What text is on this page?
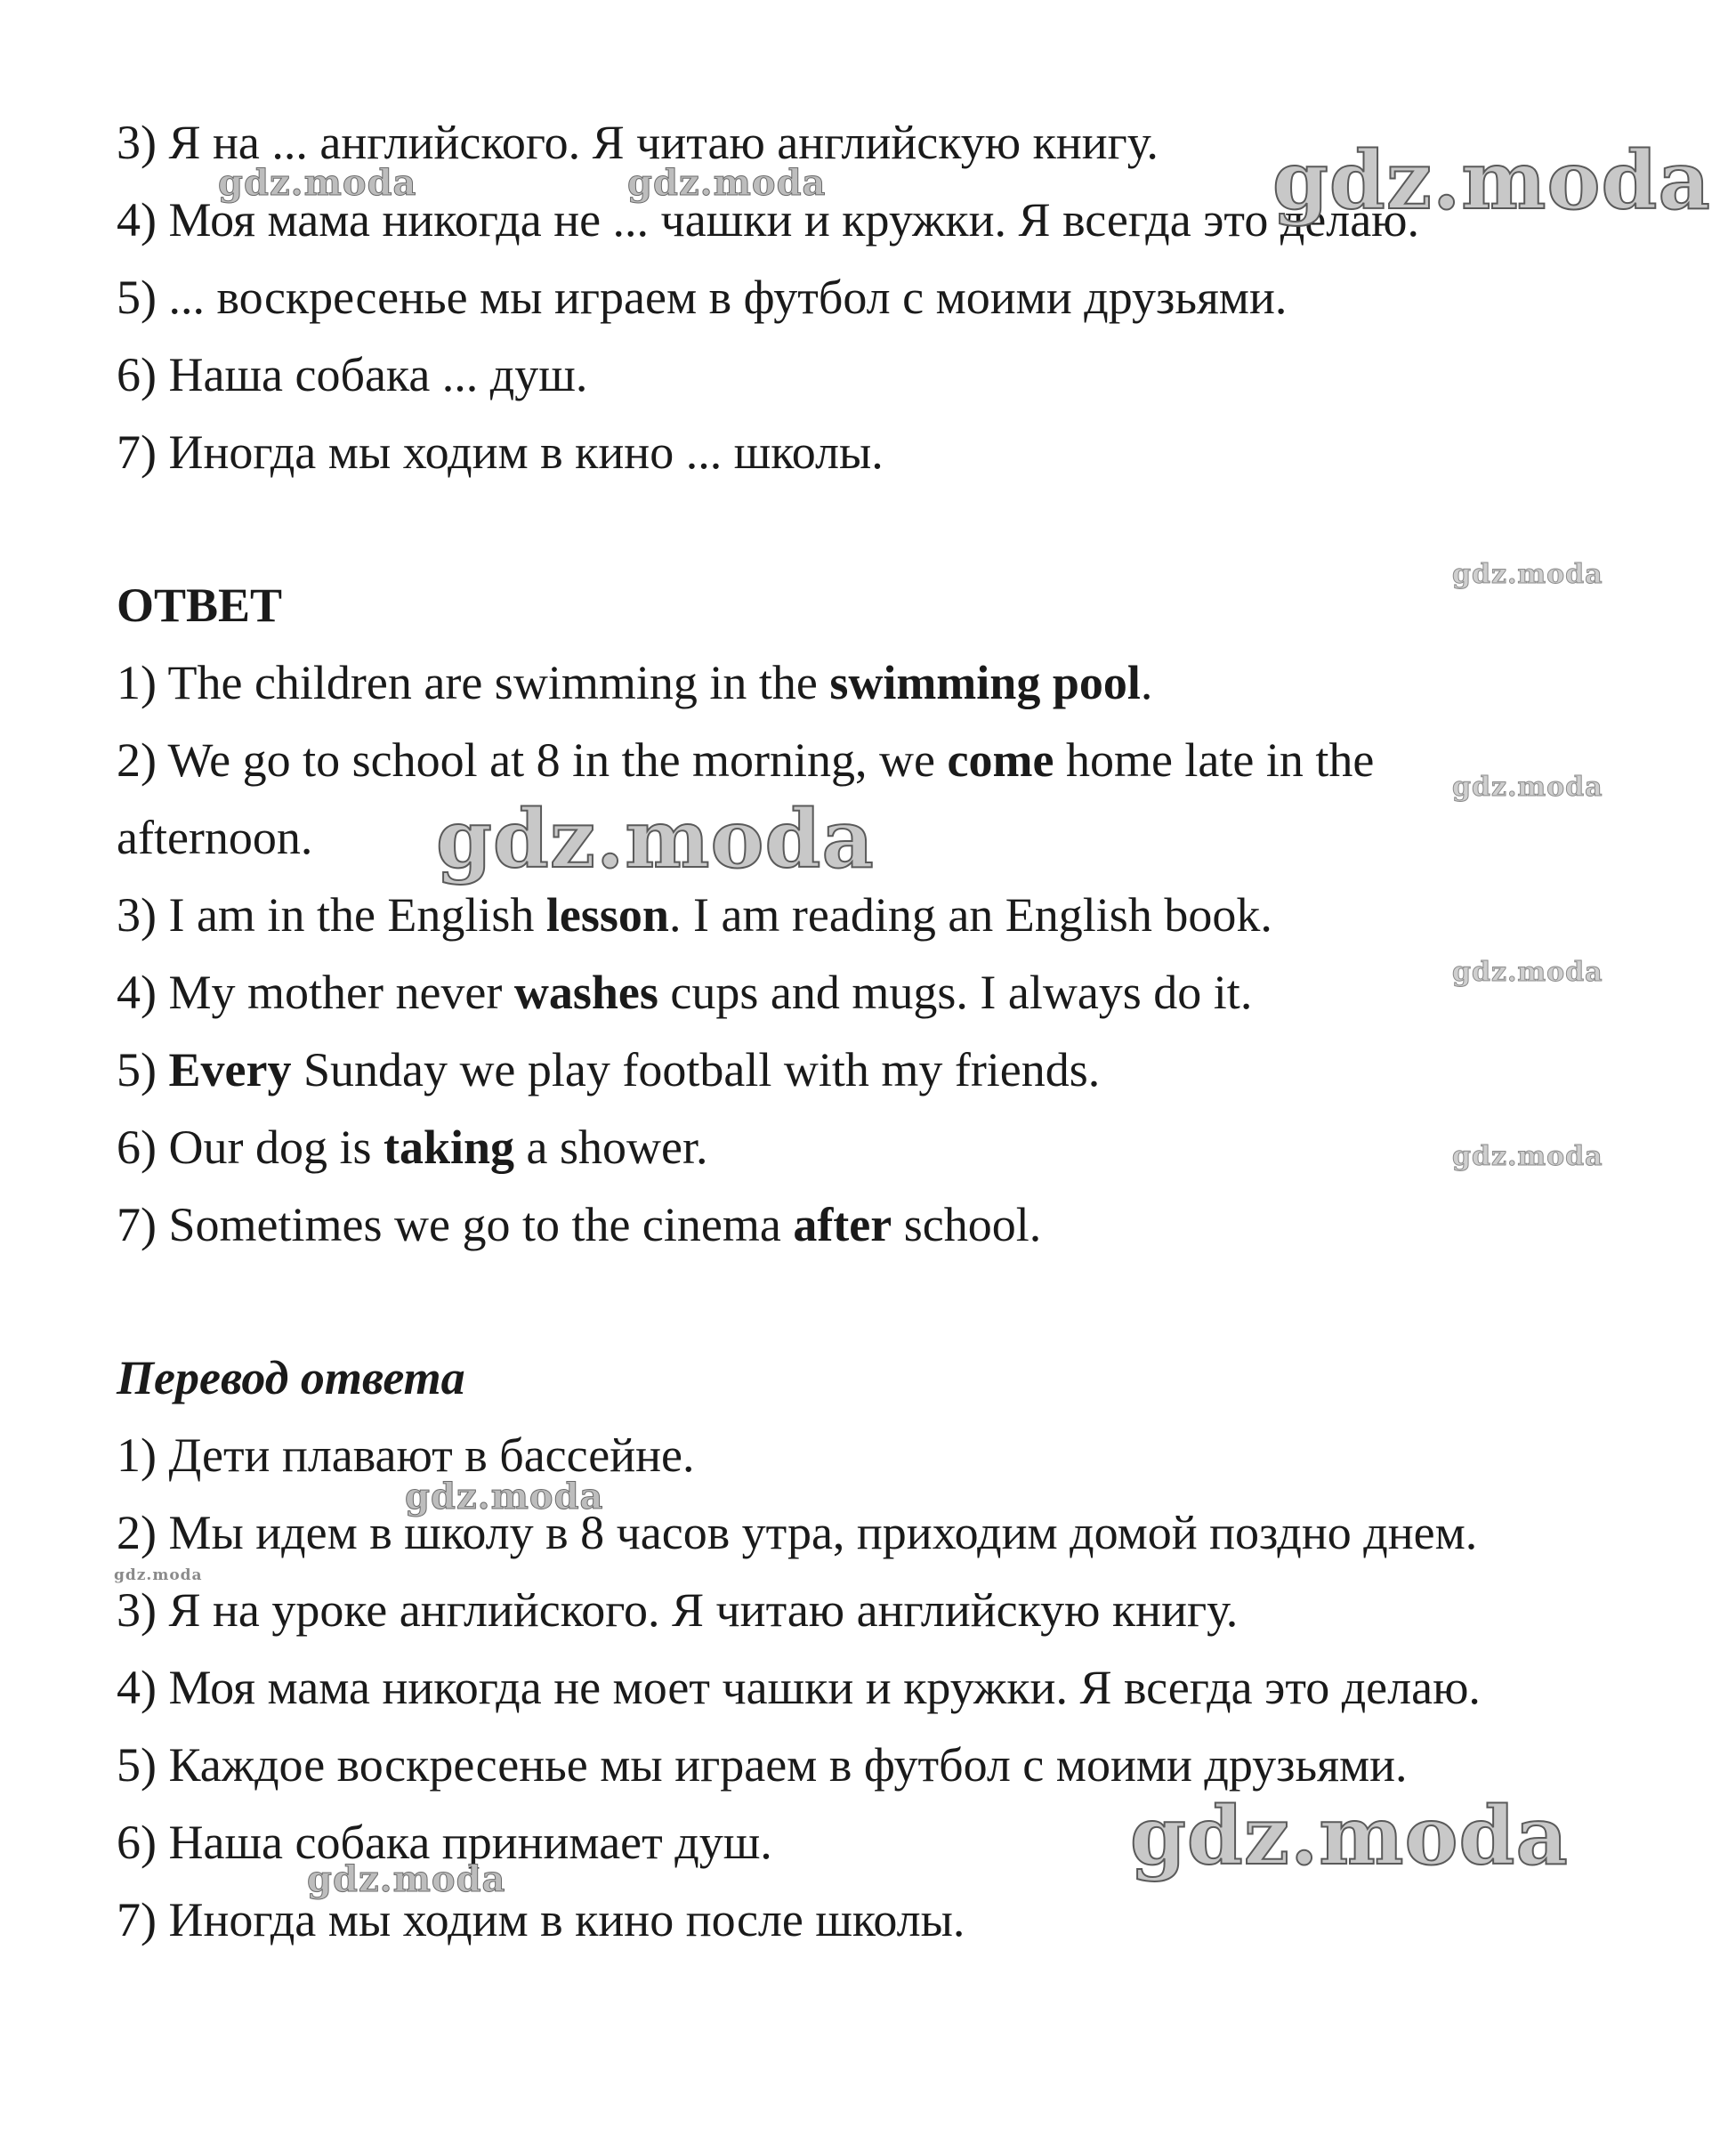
3) Я на ... английского. Я читаю английскую книгу.
4) Моя мама никогда не ... чашки и кружки. Я всегда это делаю.
5) ... воскресенье мы играем в футбол с моими друзьями.
6) Наша собака ... душ.
7) Иногда мы ходим в кино ... школы.
ОТВЕТ
1) The children are swimming in the swimming pool.
2) We go to school at 8 in the morning, we come home late in the
afternoon.
3) I am in the English lesson. I am reading an English book.
4) My mother never washes cups and mugs. I always do it.
5) Every Sunday we play football with my friends.
6) Our dog is taking a shower.
7) Sometimes we go to the cinema after school.
Перевод ответа
1) Дети плавают в бассейне.
2) Мы идем в школу в 8 часов утра, приходим домой поздно днем.
3) Я на уроке английского. Я читаю английскую книгу.
4) Моя мама никогда не моет чашки и кружки. Я всегда это делаю.
5) Каждое воскресенье мы играем в футбол с моими друзьями.
6) Наша собака принимает душ.
7) Иногда мы ходим в кино после школы.
gdz.moda
gdz.moda	gdz.moda
gdz.moda
gdz.moda
gdz.moda
gdz.moda
gdz.moda
gdz.moda
gdz.moda
gdz.moda
gdz.moda
